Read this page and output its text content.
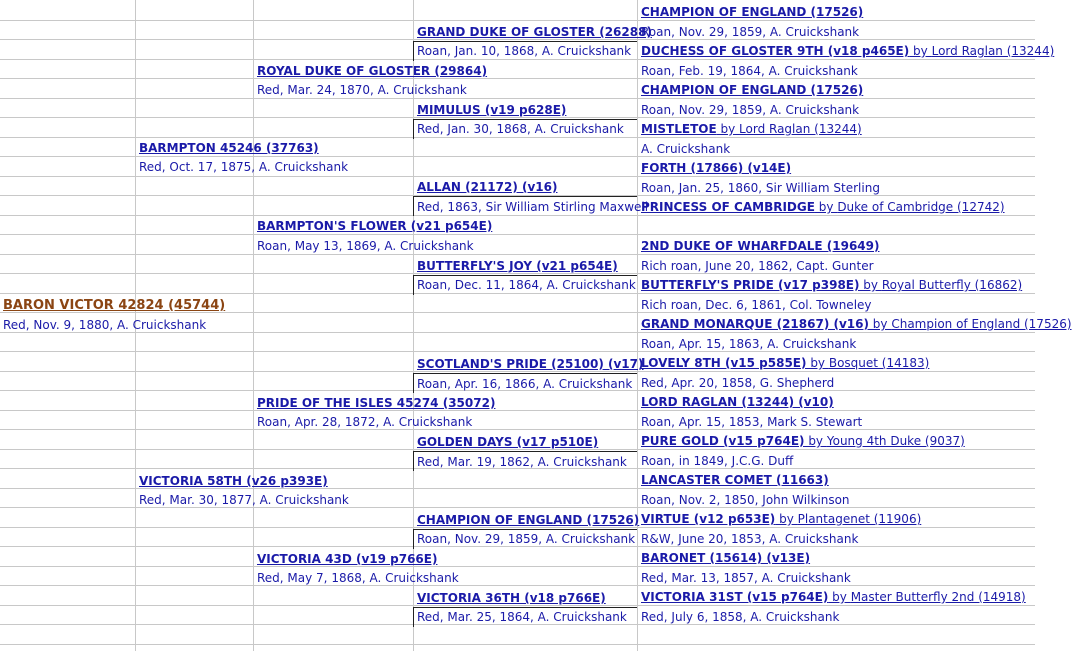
BARON VICTOR 42824 (45744)
Red, Nov. 9, 1880, A. Cruickshank
BARMPTON 45246 (37763)
Red, Oct. 17, 1875, A. Cruickshank
VICTORIA 58TH (v26 p393E)
Red, Mar. 30, 1877, A. Cruickshank
ROYAL DUKE OF GLOSTER (29864)
Red, Mar. 24, 1870, A. Cruickshank
BARMPTON'S FLOWER (v21 p654E)
Roan, May 13, 1869, A. Cruickshank
PRIDE OF THE ISLES 45274 (35072)
Roan, Apr. 28, 1872, A. Cruickshank
VICTORIA 43D (v19 p766E)
Red, May 7, 1868, A. Cruickshank
GRAND DUKE OF GLOSTER (26288)
Roan, Jan. 10, 1868, A. Cruickshank
MIMULUS (v19 p628E)
Red, Jan. 30, 1868, A. Cruickshank
ALLAN (21172) (v16)
Red, 1863, Sir William Stirling Maxwell
BUTTERFLY'S JOY (v21 p654E)
Roan, Dec. 11, 1864, A. Cruickshank
SCOTLAND'S PRIDE (25100) (v17)
Roan, Apr. 16, 1866, A. Cruickshank
GOLDEN DAYS (v17 p510E)
Red, Mar. 19, 1862, A. Cruickshank
CHAMPION OF ENGLAND (17526)
Roan, Nov. 29, 1859, A. Cruickshank
VICTORIA 36TH (v18 p766E)
Red, Mar. 25, 1864, A. Cruickshank
CHAMPION OF ENGLAND (17526)
Roan, Nov. 29, 1859, A. Cruickshank
DUCHESS OF GLOSTER 9TH (v18 p465E) by Lord Raglan (13244)
Roan, Feb. 19, 1864, A. Cruickshank
CHAMPION OF ENGLAND (17526)
Roan, Nov. 29, 1859, A. Cruickshank
MISTLETOE by Lord Raglan (13244)
A. Cruickshank
FORTH (17866) (v14E)
Roan, Jan. 25, 1860, Sir William Sterling
PRINCESS OF CAMBRIDGE by Duke of Cambridge (12742)
2ND DUKE OF WHARFDALE (19649)
Rich roan, June 20, 1862, Capt. Gunter
BUTTERFLY'S PRIDE (v17 p398E) by Royal Butterfly (16862)
Rich roan, Dec. 6, 1861, Col. Towneley
GRAND MONARQUE (21867) (v16) by Champion of England (17526)
Roan, Apr. 15, 1863, A. Cruickshank
LOVELY 8TH (v15 p585E) by Bosquet (14183)
Red, Apr. 20, 1858, G. Shepherd
LORD RAGLAN (13244) (v10)
Roan, Apr. 15, 1853, Mark S. Stewart
PURE GOLD (v15 p764E) by Young 4th Duke (9037)
Roan, in 1849, J.C.G. Duff
LANCASTER COMET (11663)
Roan, Nov. 2, 1850, John Wilkinson
VIRTUE (v12 p653E) by Plantagenet (11906)
R&W, June 20, 1853, A. Cruickshank
BARONET (15614) (v13E)
Red, Mar. 13, 1857, A. Cruickshank
VICTORIA 31ST (v15 p764E) by Master Butterfly 2nd (14918)
Red, July 6, 1858, A. Cruickshank
